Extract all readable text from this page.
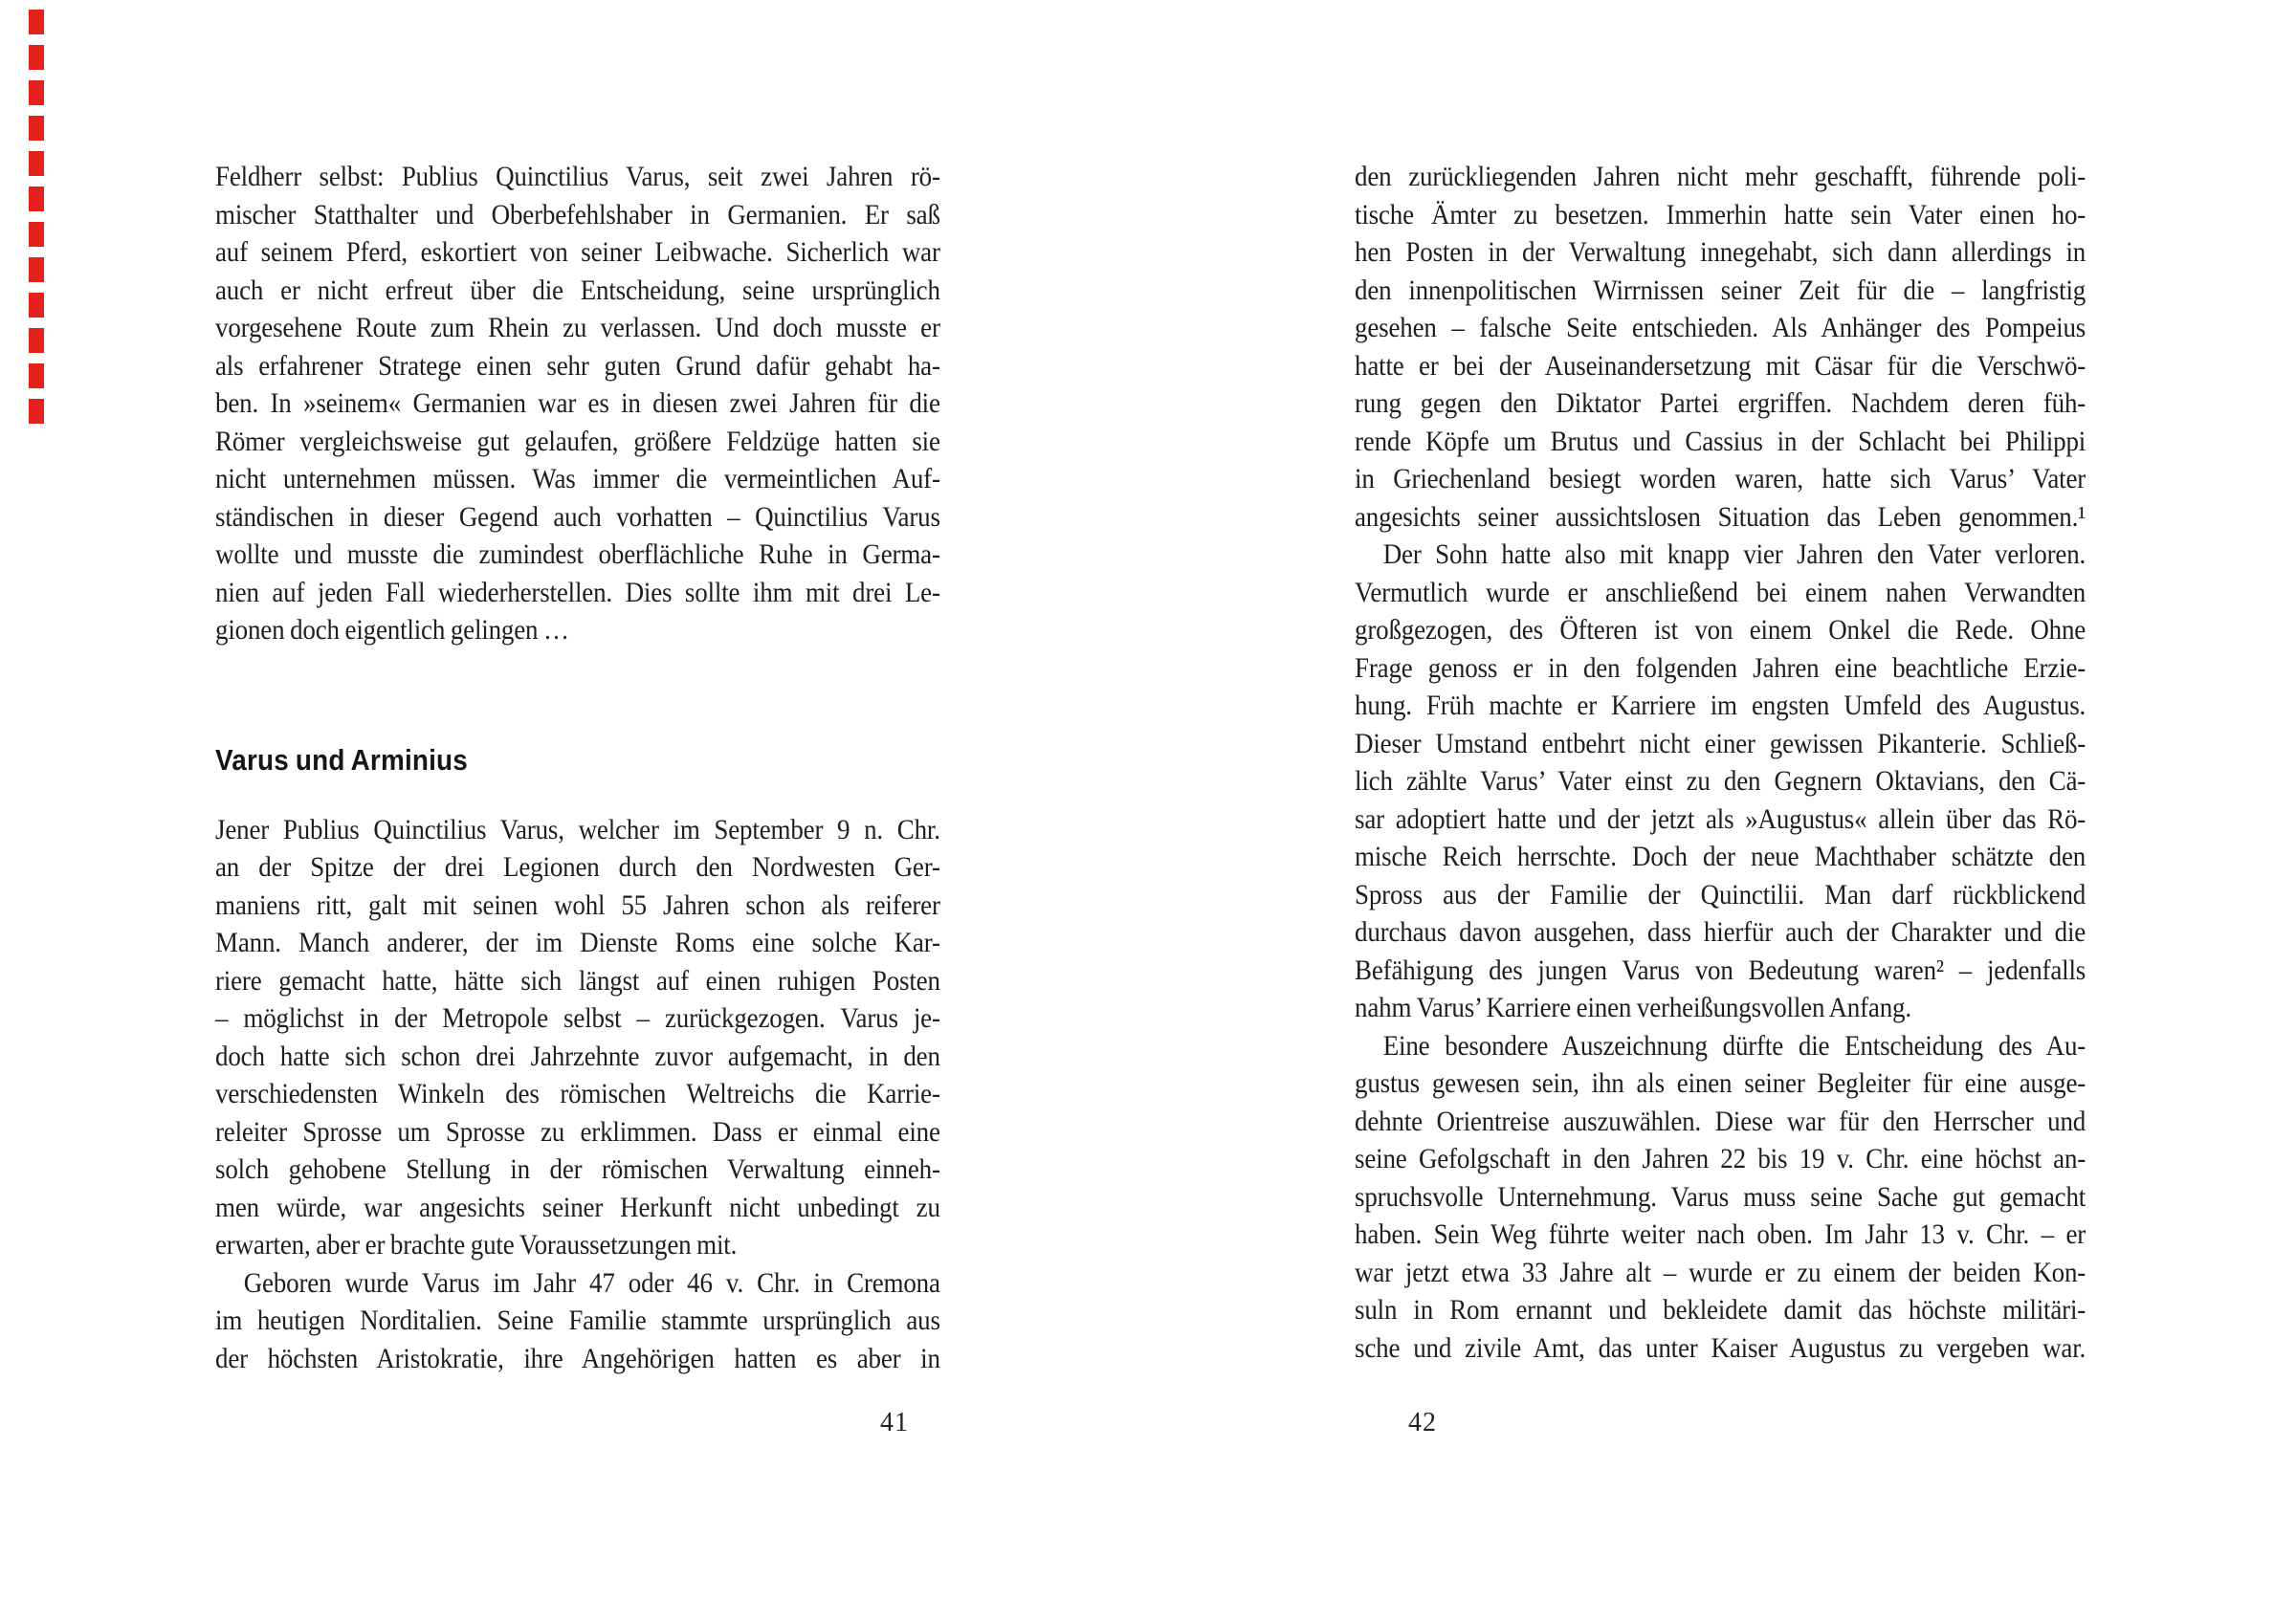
Feldherr selbst: Publius Quinctilius Varus, seit zwei Jahren rö-
mischer Statthalter und Oberbefehlshaber in Germanien. Er saß
auf seinem Pferd, eskortiert von seiner Leibwache. Sicherlich war
auch er nicht erfreut über die Entscheidung, seine ursprünglich
vorgesehene Route zum Rhein zu verlassen. Und doch musste er
als erfahrener Stratege einen sehr guten Grund dafür gehabt ha-
ben. In »seinem« Germanien war es in diesen zwei Jahren für die
Römer vergleichsweise gut gelaufen, größere Feldzüge hatten sie
nicht unternehmen müssen. Was immer die vermeintlichen Auf-
ständischen in dieser Gegend auch vorhatten – Quinctilius Varus
wollte und musste die zumindest oberflächliche Ruhe in Germa-
nien auf jeden Fall wiederherstellen. Dies sollte ihm mit drei Le-
gionen doch eigentlich gelingen …
Varus und Arminius
Jener Publius Quinctilius Varus, welcher im September 9 n. Chr.
an der Spitze der drei Legionen durch den Nordwesten Ger-
maniens ritt, galt mit seinen wohl 55 Jahren schon als reiferer
Mann. Manch anderer, der im Dienste Roms eine solche Kar-
riere gemacht hatte, hätte sich längst auf einen ruhigen Posten
– möglichst in der Metropole selbst – zurückgezogen. Varus je-
doch hatte sich schon drei Jahrzehnte zuvor aufgemacht, in den
verschiedensten Winkeln des römischen Weltreichs die Karrie-
releiter Sprosse um Sprosse zu erklimmen. Dass er einmal eine
solch gehobene Stellung in der römischen Verwaltung einneh-
men würde, war angesichts seiner Herkunft nicht unbedingt zu
erwarten, aber er brachte gute Voraussetzungen mit.
Geboren wurde Varus im Jahr 47 oder 46 v. Chr. in Cremona
im heutigen Norditalien. Seine Familie stammte ursprünglich aus
der höchsten Aristokratie, ihre Angehörigen hatten es aber in
den zurückliegenden Jahren nicht mehr geschafft, führende poli-
tische Ämter zu besetzen. Immerhin hatte sein Vater einen ho-
hen Posten in der Verwaltung innegehabt, sich dann allerdings in
den innenpolitischen Wirrnissen seiner Zeit für die – langfristig
gesehen – falsche Seite entschieden. Als Anhänger des Pompeius
hatte er bei der Auseinandersetzung mit Cäsar für die Verschwö-
rung gegen den Diktator Partei ergriffen. Nachdem deren füh-
rende Köpfe um Brutus und Cassius in der Schlacht bei Philippi
in Griechenland besiegt worden waren, hatte sich Varus’ Vater
angesichts seiner aussichtslosen Situation das Leben genommen.¹
Der Sohn hatte also mit knapp vier Jahren den Vater verloren.
Vermutlich wurde er anschließend bei einem nahen Verwandten
großgezogen, des Öfteren ist von einem Onkel die Rede. Ohne
Frage genoss er in den folgenden Jahren eine beachtliche Erzie-
hung. Früh machte er Karriere im engsten Umfeld des Augustus.
Dieser Umstand entbehrt nicht einer gewissen Pikanterie. Schließ-
lich zählte Varus’ Vater einst zu den Gegnern Oktavians, den Cä-
sar adoptiert hatte und der jetzt als »Augustus« allein über das Rö-
mische Reich herrschte. Doch der neue Machthaber schätzte den
Spross aus der Familie der Quinctilii. Man darf rückblickend
durchaus davon ausgehen, dass hierfür auch der Charakter und die
Befähigung des jungen Varus von Bedeutung waren² – jedenfalls
nahm Varus’ Karriere einen verheißungsvollen Anfang.
Eine besondere Auszeichnung dürfte die Entscheidung des Au-
gustus gewesen sein, ihn als einen seiner Begleiter für eine ausge-
dehnte Orientreise auszuwählen. Diese war für den Herrscher und
seine Gefolgschaft in den Jahren 22 bis 19 v. Chr. eine höchst an-
spruchsvolle Unternehmung. Varus muss seine Sache gut gemacht
haben. Sein Weg führte weiter nach oben. Im Jahr 13 v. Chr. – er
war jetzt etwa 33 Jahre alt – wurde er zu einem der beiden Kon-
suln in Rom ernannt und bekleidete damit das höchste militäri-
sche und zivile Amt, das unter Kaiser Augustus zu vergeben war.
41	42
